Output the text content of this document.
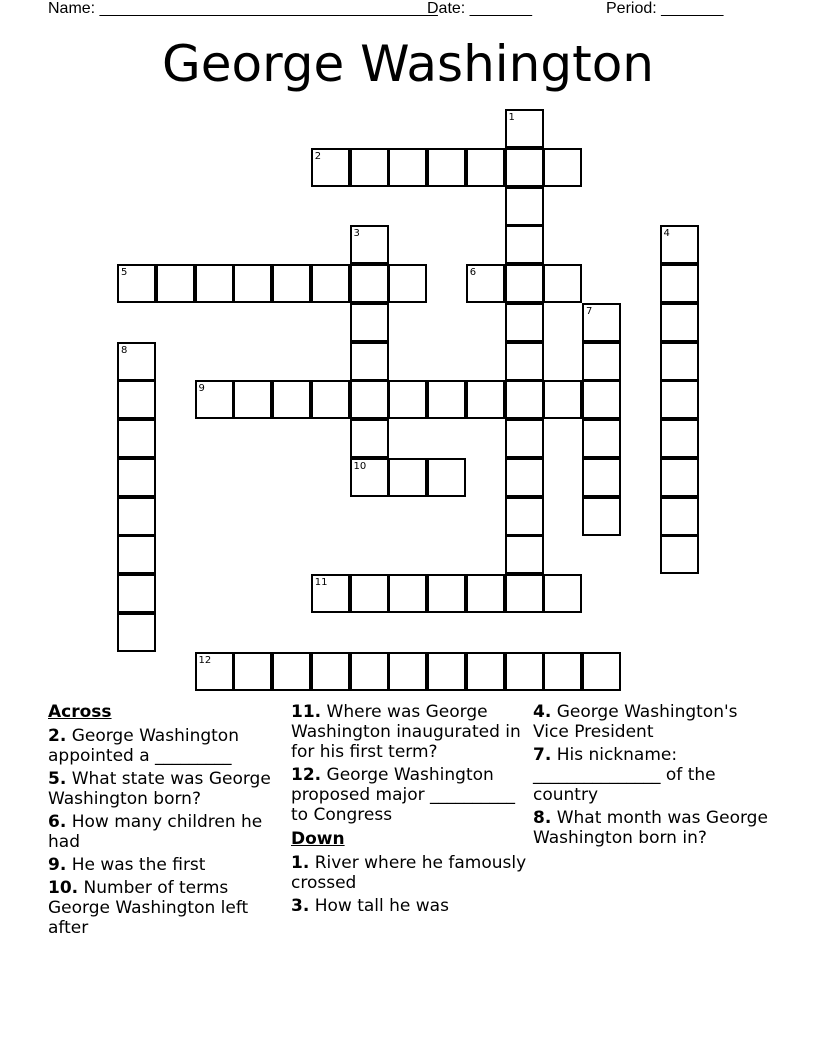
Name: ______________________________________
Date: _______	Period: _______
George Washington
1
2
3	4
5	6
7
8
9
10
11
12
Across
2. George Washington appointed a _________
5. What state was George Washington born?
6. How many children he had
9. He was the first
10. Number of terms George Washington left after
11. Where was George Washington inaugurated in for his first term?
12. George Washington proposed major __________ to Congress
Down
1. River where he famously crossed
3. How tall he was
4. George Washington's Vice President
7. His nickname: _______________ of the country
8. What month was George Washington born in?
